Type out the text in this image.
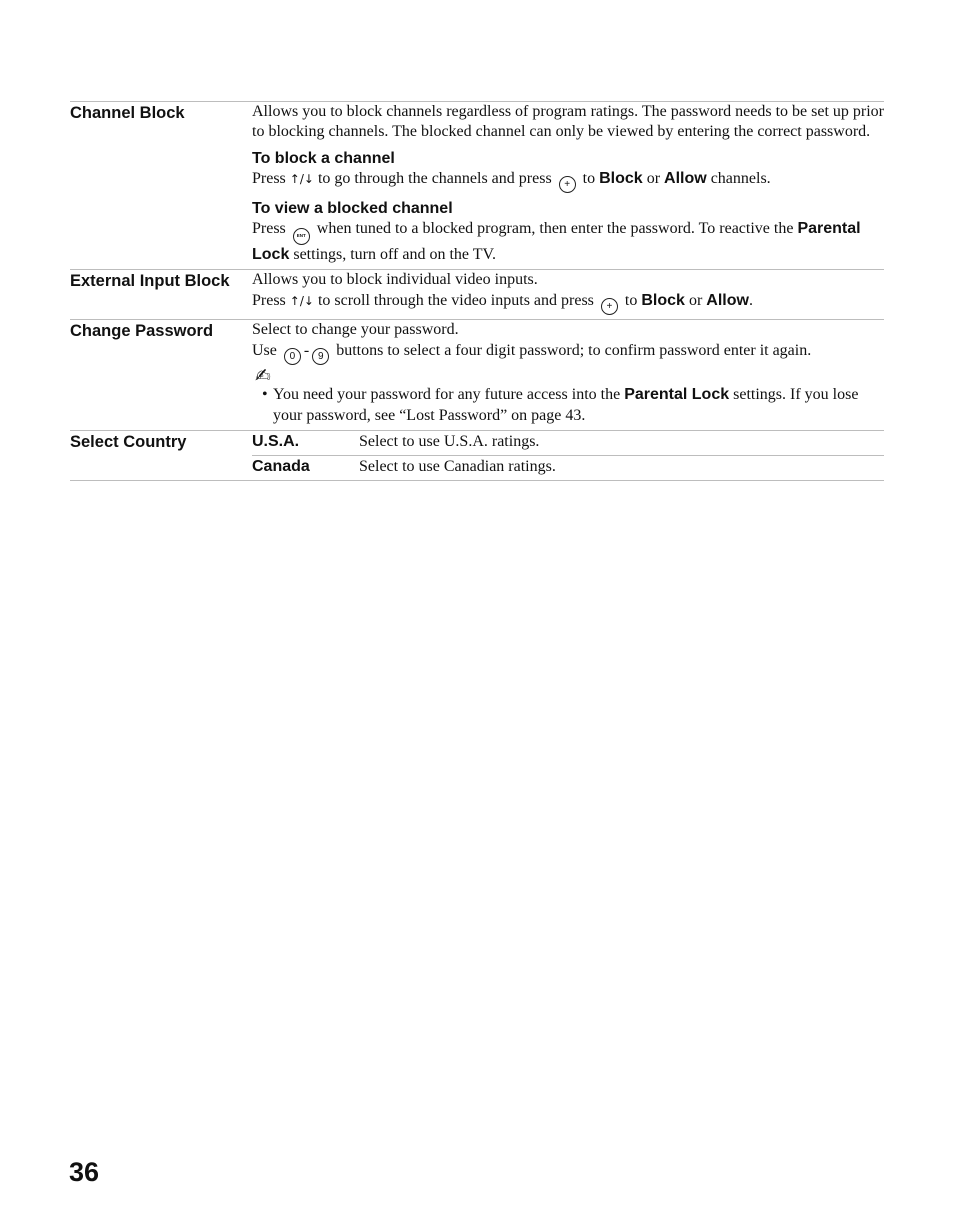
Channel Block	Allows you to block channels regardless of program ratings. The password needs to be set up prior to blocking channels. The blocked channel can only be viewed by entering the correct password.

To block a channel

Press ↑/↓ to go through the channels and press + to Block or Allow channels.

To view a blocked channel

Press ENT when tuned to a blocked program, then enter the password. To reactive the Parental Lock settings, turn off and on the TV.

External Input Block	Allows you to block individual video inputs.

Press ↑/↓ to scroll through the video inputs and press + to Block or Allow.

Change Password	Select to change your password.

Use 0 - 9 buttons to select a four digit password; to confirm password enter it again.

✍
• You need your password for any future access into the Parental Lock settings. If you lose your password, see “Lost Password” on page 43.
Select Country	U.S.A.	Select to use U.S.A. ratings.
Canada	Select to use Canadian ratings.
36
